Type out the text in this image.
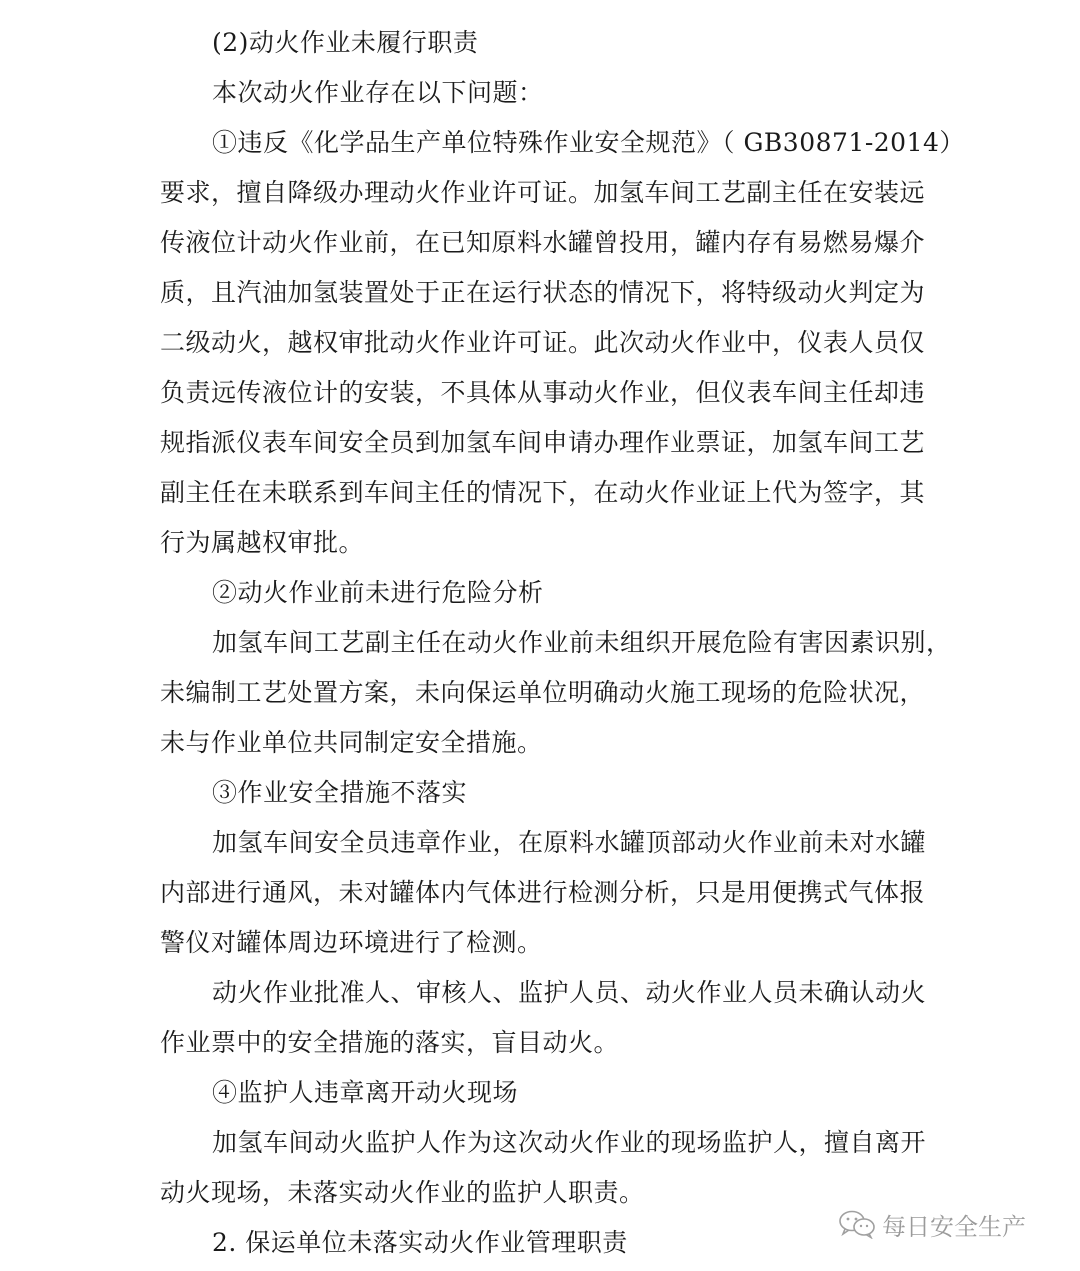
(2)动火作业未履行职责
本次动火作业存在以下问题：
①违反《化学品生产单位特殊作业安全规范》（ GB30871-2014）
要求，擅自降级办理动火作业许可证。加氢车间工艺副主任在安装远
传液位计动火作业前，在已知原料水罐曾投用，罐内存有易燃易爆介
质，且汽油加氢装置处于正在运行状态的情况下，将特级动火判定为
二级动火，越权审批动火作业许可证。此次动火作业中，仪表人员仅
负责远传液位计的安装，不具体从事动火作业，但仪表车间主任却违
规指派仪表车间安全员到加氢车间申请办理作业票证，加氢车间工艺
副主任在未联系到车间主任的情况下，在动火作业证上代为签字，其
行为属越权审批。
②动火作业前未进行危险分析
加氢车间工艺副主任在动火作业前未组织开展危险有害因素识别，
未编制工艺处置方案，未向保运单位明确动火施工现场的危险状况，
未与作业单位共同制定安全措施。
③作业安全措施不落实
加氢车间安全员违章作业，在原料水罐顶部动火作业前未对水罐
内部进行通风，未对罐体内气体进行检测分析，只是用便携式气体报
警仪对罐体周边环境进行了检测。
动火作业批准人、审核人、监护人员、动火作业人员未确认动火
作业票中的安全措施的落实，盲目动火。
④监护人违章离开动火现场
加氢车间动火监护人作为这次动火作业的现场监护人，擅自离开
动火现场，未落实动火作业的监护人职责。
2. 保运单位未落实动火作业管理职责
每日安全生产
